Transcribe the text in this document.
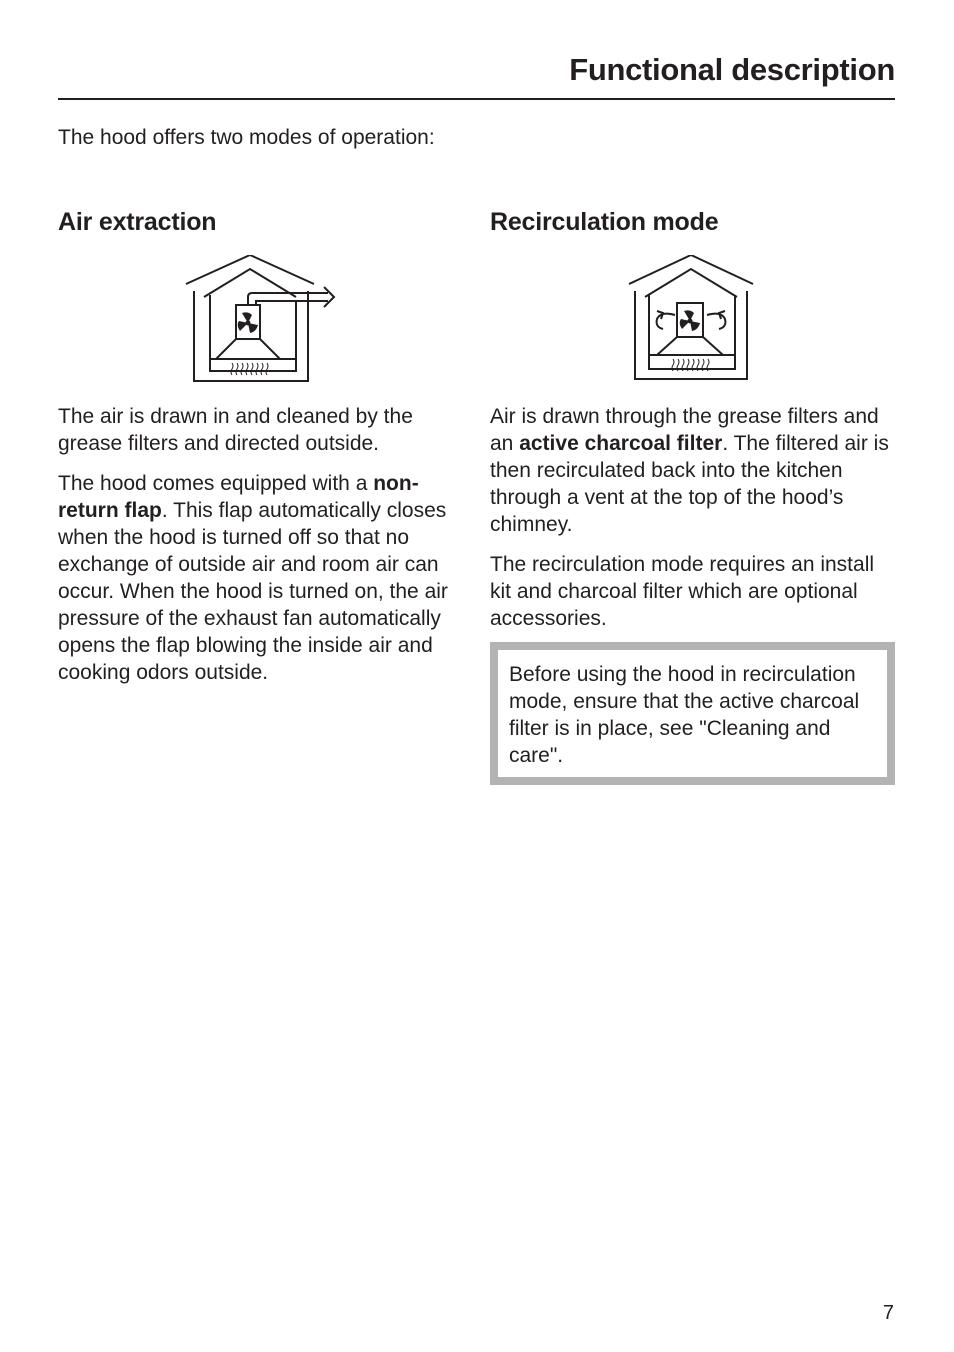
Functional description

The hood offers two modes of operation:

Air extraction

The air is drawn in and cleaned by the grease filters and directed outside.

The hood comes equipped with a non-return flap. This flap automatically closes when the hood is turned off so that no exchange of outside air and room air can occur. When the hood is turned on, the air pressure of the exhaust fan automatically opens the flap blowing the inside air and cooking odors outside.

Recirculation mode

Air is drawn through the grease filters and an active charcoal filter. The filtered air is then recirculated back into the kitchen through a vent at the top of the hood’s chimney.

The recirculation mode requires an install kit and charcoal filter which are optional accessories.

Before using the hood in recirculation mode, ensure that the active charcoal filter is in place, see "Cleaning and care".

7
